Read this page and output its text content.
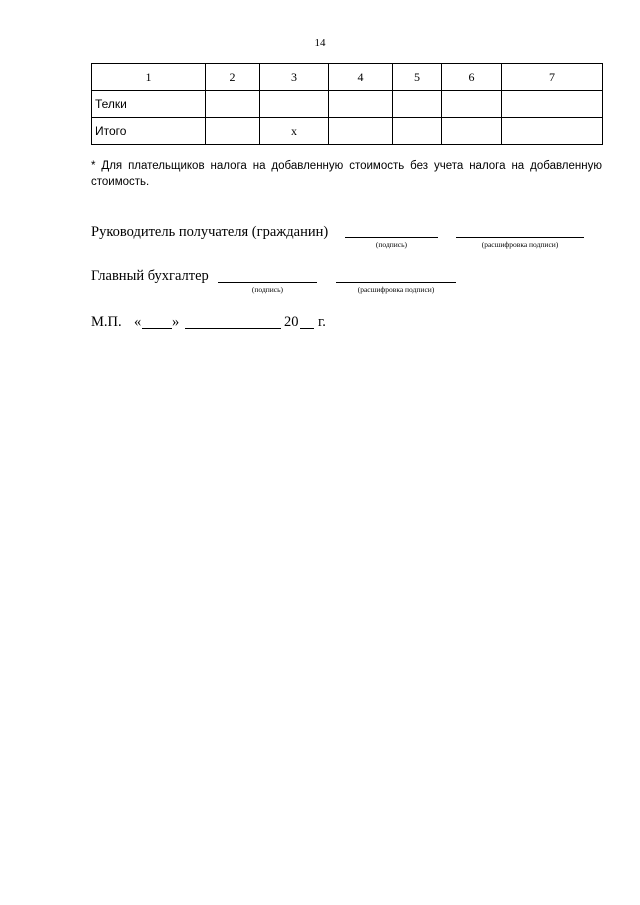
14
1	2	3	4	5	6	7
Телки						
Итого		х				
* Для плательщиков налога на добавленную стоимость без учета налога на добавленную стоимость.
Руководитель получателя (гражданин)
(подпись)	(расшифровка подписи)
Главный бухгалтер
(подпись)	(расшифровка подписи)
М.П. « »	20 г.
